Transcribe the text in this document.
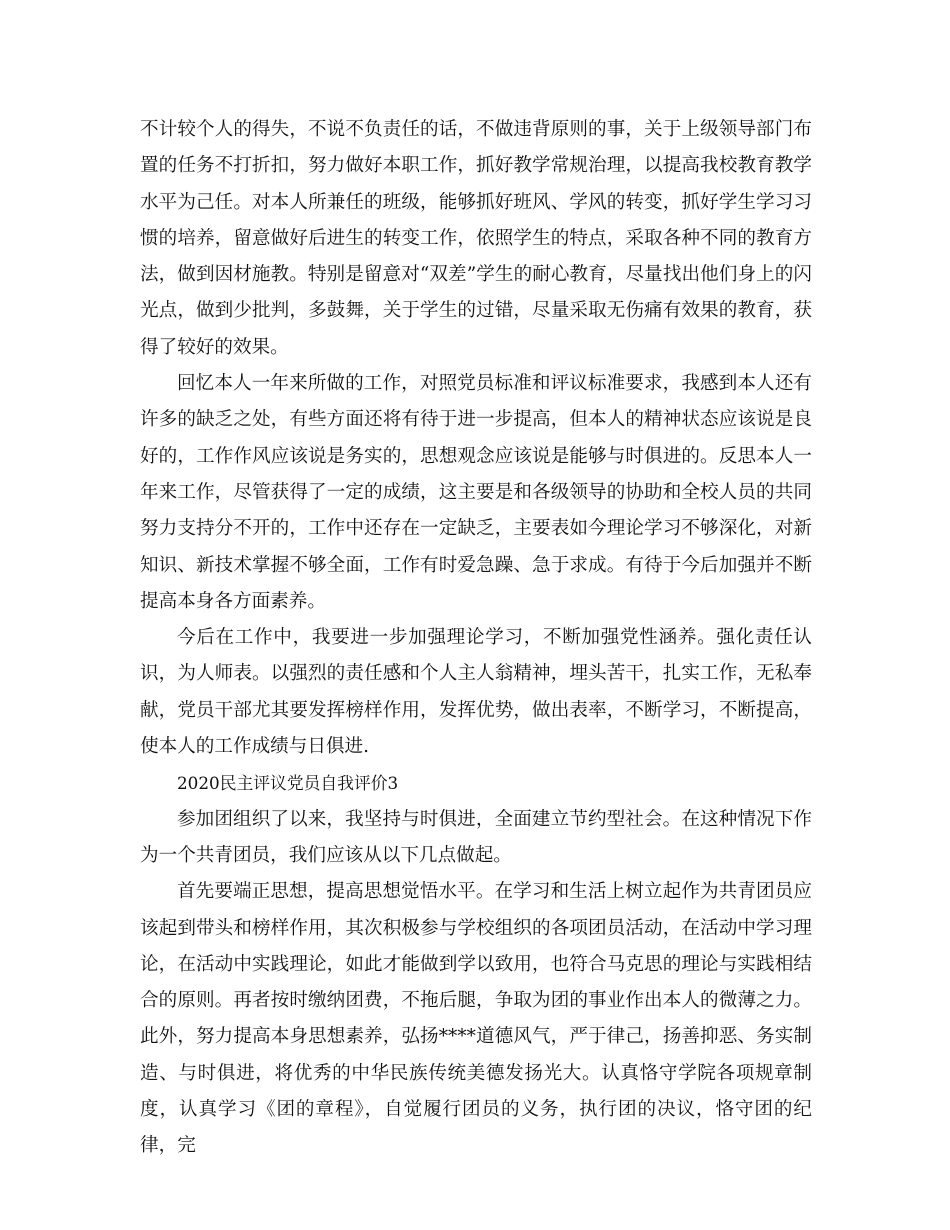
不计较个人的得失，不说不负责任的话，不做违背原则的事，关于上级领导部门布置的任务不打折扣，努力做好本职工作，抓好教学常规治理，以提高我校教育教学水平为己任。对本人所兼任的班级，能够抓好班风、学风的转变，抓好学生学习习惯的培养，留意做好后进生的转变工作，依照学生的特点，采取各种不同的教育方法，做到因材施教。特别是留意对“双差”学生的耐心教育，尽量找出他们身上的闪光点，做到少批判，多鼓舞，关于学生的过错，尽量采取无伤痛有效果的教育，获得了较好的效果。

回忆本人一年来所做的工作，对照党员标准和评议标准要求，我感到本人还有许多的缺乏之处，有些方面还将有待于进一步提高，但本人的精神状态应该说是良好的，工作作风应该说是务实的，思想观念应该说是能够与时俱进的。反思本人一年来工作，尽管获得了一定的成绩，这主要是和各级领导的协助和全校人员的共同努力支持分不开的，工作中还存在一定缺乏，主要表如今理论学习不够深化，对新知识、新技术掌握不够全面，工作有时爱急躁、急于求成。有待于今后加强并不断提高本身各方面素养。

今后在工作中，我要进一步加强理论学习，不断加强党性涵养。强化责任认识，为人师表。以强烈的责任感和个人主人翁精神，埋头苦干，扎实工作，无私奉献，党员干部尤其要发挥榜样作用，发挥优势，做出表率，不断学习，不断提高，使本人的工作成绩与日俱进.

2020民主评议党员自我评价3

参加团组织了以来，我坚持与时俱进，全面建立节约型社会。在这种情况下作为一个共青团员，我们应该从以下几点做起。

首先要端正思想，提高思想觉悟水平。在学习和生活上树立起作为共青团员应该起到带头和榜样作用，其次积极参与学校组织的各项团员活动，在活动中学习理论，在活动中实践理论，如此才能做到学以致用，也符合马克思的理论与实践相结合的原则。再者按时缴纳团费，不拖后腿，争取为团的事业作出本人的微薄之力。此外，努力提高本身思想素养，弘扬****道德风气，严于律己，扬善抑恶、务实制造、与时俱进，将优秀的中华民族传统美德发扬光大。认真恪守学院各项规章制度，认真学习《团的章程》，自觉履行团员的义务，执行团的决议，恪守团的纪律，完
